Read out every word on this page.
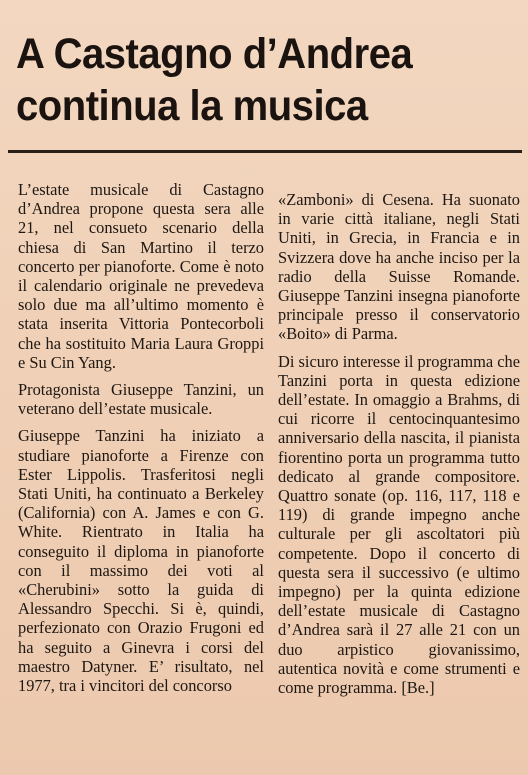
A Castagno d’Andrea
continua la musica

L’estate musicale di Castagno d’Andrea propone questa sera alle 21, nel consueto scenario della chiesa di San Martino il terzo concerto per pianoforte. Come è noto il calendario originale ne prevedeva solo due ma all’ultimo momento è stata inserita Vittoria Pontecorboli che ha sostituito Maria Laura Groppi e Su Cin Yang.

Protagonista Giuseppe Tanzini, un veterano dell’estate musicale.

Giuseppe Tanzini ha iniziato a studiare pianoforte a Firenze con Ester Lippolis. Trasferitosi negli Stati Uniti, ha continuato a Berkeley (California) con A. James e con G. White. Rientrato in Italia ha conseguito il diploma in pianoforte con il massimo dei voti al «Cherubini» sotto la guida di Alessandro Specchi. Si è, quindi, perfezionato con Orazio Frugoni ed ha seguito a Ginevra i corsi del maestro Datyner. E’ risultato, nel 1977, tra i vincitori del concorso

«Zamboni» di Cesena. Ha suonato in varie città italiane, negli Stati Uniti, in Grecia, in Francia e in Svizzera dove ha anche inciso per la radio della Suisse Romande. Giuseppe Tanzini insegna pianoforte principale presso il conservatorio «Boito» di Parma.

Di sicuro interesse il programma che Tanzini porta in questa edizione dell’estate. In omaggio a Brahms, di cui ricorre il centocinquantesimo anniversario della nascita, il pianista fiorentino porta un programma tutto dedicato al grande compositore. Quattro sonate (op. 116, 117, 118 e 119) di grande impegno anche culturale per gli ascoltatori più competente. Dopo il concerto di questa sera il successivo (e ultimo impegno) per la quinta edizione dell’estate musicale di Castagno d’Andrea sarà il 27 alle 21 con un duo arpistico giovanissimo, autentica novità e come strumenti e come programma. [Be.]
